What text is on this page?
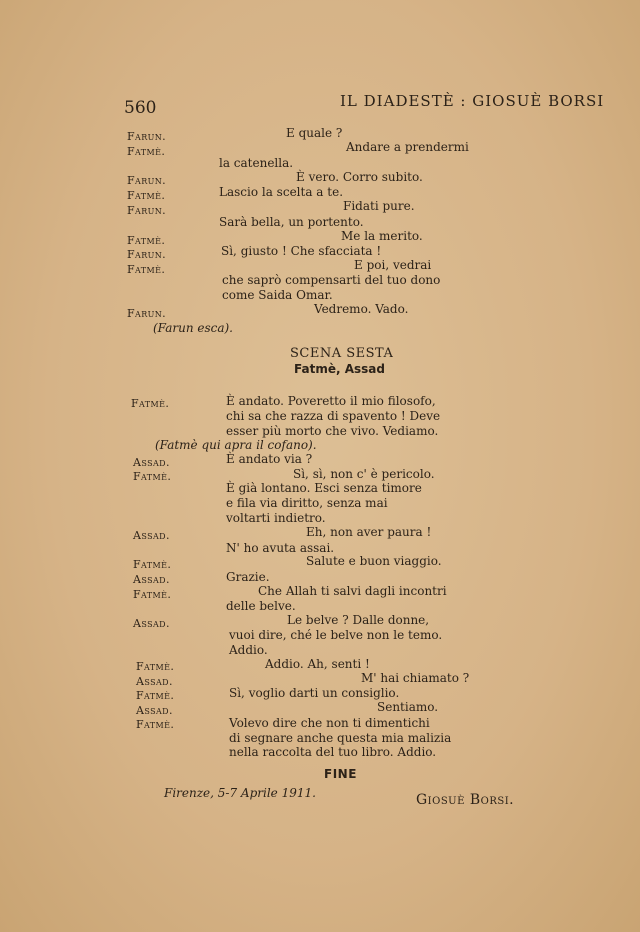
560	IL DIADESTÈ : GIOSUÈ BORSI
Farun.
Fatmè.
Farun.
Fatmè.
Farun.
Fatmè.
Farun.
Fatmè.
Farun.
E quale ?
Andare a prendermi
la catenella.
È vero. Corro subito.
Lascio la scelta a te.
Fidati pure.
Sarà bella, un portento.
Me la merito.
Sì, giusto ! Che sfacciata !
E poi, vedrai
che saprò compensarti del tuo dono
come Saida Omar.
Vedremo. Vado.
(Farun esca).
SCENA SESTA
Fatmè, Assad
Fatmè.
Assad.
Fatmè.
Assad.
Fatmè.
Assad.
Fatmè.
Assad.
Fatmè.
Assad.
Fatmè.
Assad.
Fatmè.
È andato. Poveretto il mio filosofo,
chi sa che razza di spavento ! Deve
esser più morto che vivo. Vediamo.
(Fatmè qui apra il cofano).
È andato via ?
Sì, sì, non c' è pericolo.
È già lontano. Esci senza timore
e fila via diritto, senza mai
voltarti indietro.
Eh, non aver paura !
N' ho avuta assai.
Salute e buon viaggio.
Grazie.
Che Allah ti salvi dagli incontri
delle belve.
Le belve ? Dalle donne,
vuoi dire, ché le belve non le temo.
Addio.
Addio. Ah, senti !
M' hai chiamato ?
Sì, voglio darti un consiglio.
Sentiamo.
Volevo dire che non ti dimentichi
di segnare anche questa mia malizia
nella raccolta del tuo libro. Addio.
FINE
Firenze, 5-7 Aprile 1911.	Giosuè Borsi.
